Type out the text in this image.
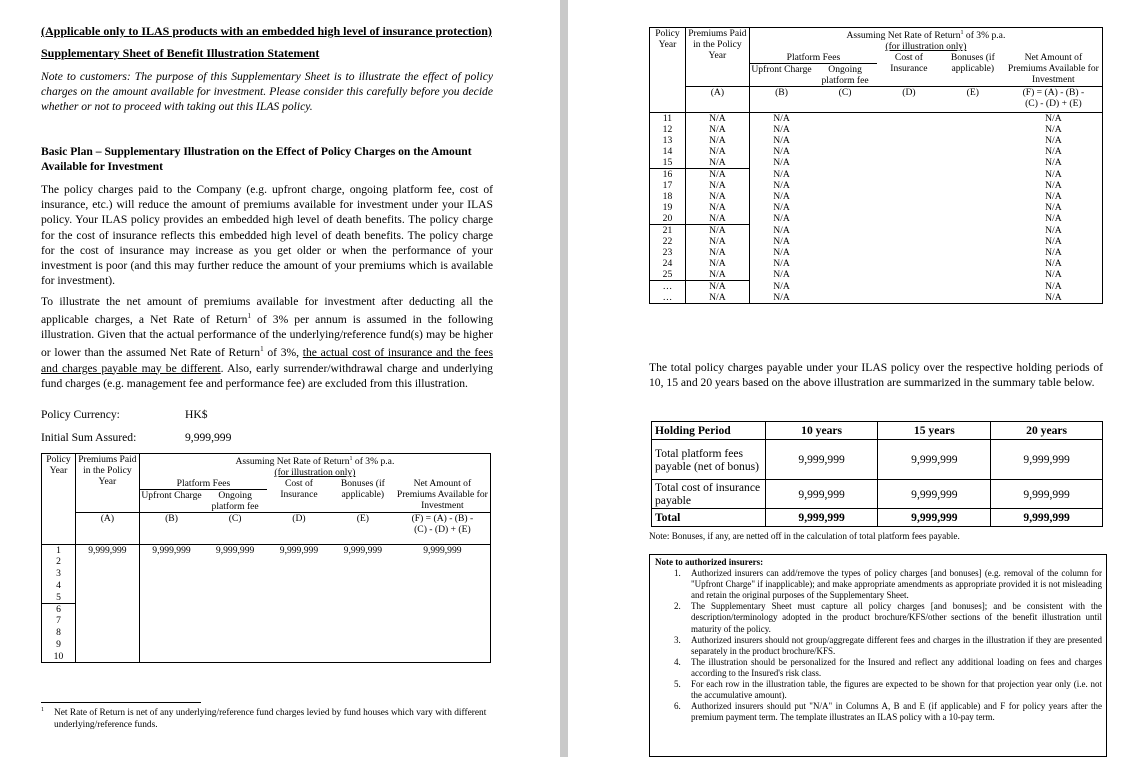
(Applicable only to ILAS products with an embedded high level of insurance protection)
Supplementary Sheet of Benefit Illustration Statement
Note to customers: The purpose of this Supplementary Sheet is to illustrate the effect of policy charges on the amount available for investment. Please consider this carefully before you decide whether or not to proceed with taking out this ILAS policy.
Basic Plan – Supplementary Illustration on the Effect of Policy Charges on the Amount Available for Investment
The policy charges paid to the Company (e.g. upfront charge, ongoing platform fee, cost of insurance, etc.) will reduce the amount of premiums available for investment under your ILAS policy. Your ILAS policy provides an embedded high level of death benefits. The policy charge for the cost of insurance reflects this embedded high level of death benefits. The policy charge for the cost of insurance may increase as you get older or when the performance of your investment is poor (and this may further reduce the amount of your premiums which is available for investment).
To illustrate the net amount of premiums available for investment after deducting all the applicable charges, a Net Rate of Return$^1$ of 3% per annum is assumed in the following illustration. Given that the actual performance of the underlying/reference fund(s) may be higher or lower than the assumed Net Rate of Return$^1$ of 3%, the actual cost of insurance and the fees and charges payable may be different. Also, early surrender/withdrawal charge and underlying fund charges (e.g. management fee and performance fee) are excluded from this illustration.
Policy Currency:	HK$
Initial Sum Assured:	9,999,999
Policy Year	Premiums Paid in the Policy Year	Assuming Net Rate of Return$^1$ of 3% p.a.
(for illustration only)				
		Platform Fees		Cost of Insurance	Bonuses (if applicable)	Net Amount of Premiums Available for Investment
		Upfront Charge	Ongoing platform fee			
	(A)	(B)	(C)	(D)	(E)	(F) = (A) - (B) -
(C) - (D) + (E)
1	9,999,999	9,999,999	9,999,999	9,999,999	9,999,999	9,999,999
2						
3						
4						
5						
6						
7						
8						
9						
10						
1 Net Rate of Return is net of any underlying/reference fund charges levied by fund houses which vary with different underlying/reference funds.
Policy Year	Premiums Paid in the Policy Year	Assuming Net Rate of Return$^1$ of 3% p.a.
(for illustration only)				
		Platform Fees		Cost of Insurance	Bonuses (if applicable)	Net Amount of Premiums Available for Investment
		Upfront Charge	Ongoing platform fee			
	(A)	(B)	(C)	(D)	(E)	(F) = (A) - (B) -
(C) - (D) + (E)
11	N/A	N/A				N/A
12	N/A	N/A				N/A
13	N/A	N/A				N/A
14	N/A	N/A				N/A
15	N/A	N/A				N/A
16	N/A	N/A				N/A
17	N/A	N/A				N/A
18	N/A	N/A				N/A
19	N/A	N/A				N/A
20	N/A	N/A				N/A
21	N/A	N/A				N/A
22	N/A	N/A				N/A
23	N/A	N/A				N/A
24	N/A	N/A				N/A
25	N/A	N/A				N/A
…	N/A	N/A				N/A
…	N/A	N/A				N/A
The total policy charges payable under your ILAS policy over the respective holding periods of 10, 15 and 20 years based on the above illustration are summarized in the summary table below.
Holding Period	10 years	15 years	20 years
Total platform fees payable (net of bonus)	9,999,999	9,999,999	9,999,999
Total cost of insurance payable	9,999,999	9,999,999	9,999,999
Total	9,999,999	9,999,999	9,999,999
Note: Bonuses, if any, are netted off in the calculation of total platform fees payable.
Note to authorized insurers:
1. Authorized insurers can add/remove the types of policy charges [and bonuses] (e.g. removal of the column for "Upfront Charge" if inapplicable); and make appropriate amendments as appropriate provided it is not misleading and retain the original purposes of the Supplementary Sheet.
2. The Supplementary Sheet must capture all policy charges [and bonuses]; and be consistent with the description/terminology adopted in the product brochure/KFS/other sections of the benefit illustration until maturity of the policy.
3. Authorized insurers should not group/aggregate different fees and charges in the illustration if they are presented separately in the product brochure/KFS.
4. The illustration should be personalized for the Insured and reflect any additional loading on fees and charges according to the Insured's risk class.
5. For each row in the illustration table, the figures are expected to be shown for that projection year only (i.e. not the accumulative amount).
6. Authorized insurers should put "N/A" in Columns A, B and E (if applicable) and F for policy years after the premium payment term. The template illustrates an ILAS policy with a 10-pay term.
